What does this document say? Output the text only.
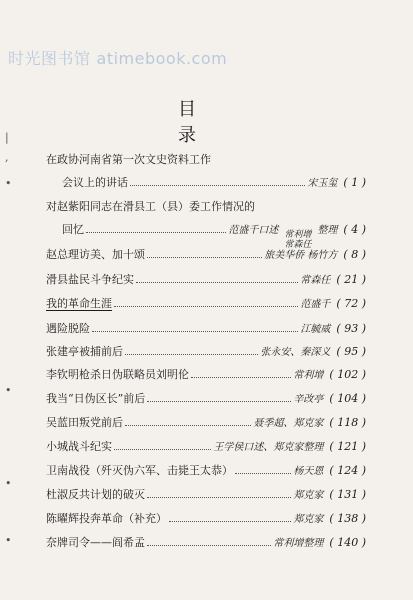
时光图书馆 atimebook.com
|
,
•
•
•
•
目 录
在政协河南省第一次文史资料工作
会议上的讲话	宋玉玺 ( 1 )
对赵紫阳同志在滑县工（县）委工作情况的
回忆	范盛千口述 常利增
常森任
整理 ( 4 )
赵总理访美、加十颂	旅美华侨 杨竹方 ( 8 )
滑县盐民斗争纪实	常森任 ( 21 )
我的革命生涯	范盛千 ( 72 )
遇险脱险	江毓威 ( 93 )
张建亭被捕前后	张永安、秦深义 ( 95 )
李钦明枪杀日伪联略员刘明伦	常利增 ( 102 )
我当“日伪区长”前后	辛改亭 ( 104 )
吴蓝田叛党前后	聂季超、郑克家 ( 118 )
小城战斗纪实	王学侯口述、郑克家整理 ( 121 )
卫南战役（歼灭伪六军、击毙王太恭）	杨天恩 ( 124 )
杜淑反共计划的破灭	郑克家 ( 131 )
陈曜辉投奔革命（补充）	郑克家 ( 138 )
奈牌司令——阎希孟	常利增整理 ( 140 )
